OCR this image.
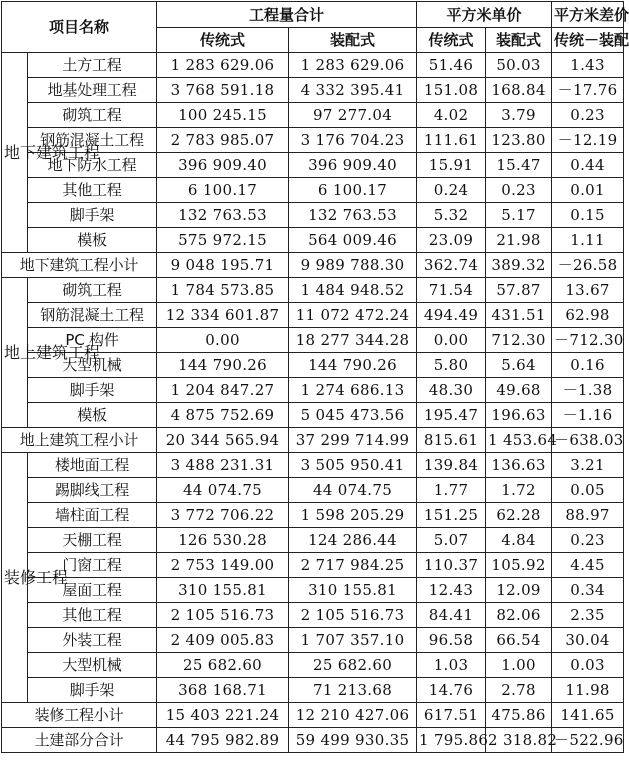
项目名称		工程量合计		平方米单价		平方米差价
		传统式	装配式	传统式	装配式	传统－装配
地下建筑工程	土方工程	1 283 629.06	1 283 629.06	51.46	50.03	1.43
	地基处理工程	3 768 591.18	4 332 395.41	151.08	168.84	－17.76
	砌筑工程	100 245.15	97 277.04	4.02	3.79	0.23
	钢筋混凝土工程	2 783 985.07	3 176 704.23	111.61	123.80	－12.19
	地下防水工程	396 909.40	396 909.40	15.91	15.47	0.44
	其他工程	6 100.17	6 100.17	0.24	0.23	0.01
	脚手架	132 763.53	132 763.53	5.32	5.17	0.15
	模板	575 972.15	564 009.46	23.09	21.98	1.11
地下建筑工程小计		9 048 195.71	9 989 788.30	362.74	389.32	－26.58
地上建筑工程	砌筑工程	1 784 573.85	1 484 948.52	71.54	57.87	13.67
	钢筋混凝土工程	12 334 601.87	11 072 472.24	494.49	431.51	62.98
	PC 构件	0.00	18 277 344.28	0.00	712.30	－712.30
	大型机械	144 790.26	144 790.26	5.80	5.64	0.16
	脚手架	1 204 847.27	1 274 686.13	48.30	49.68	－1.38
	模板	4 875 752.69	5 045 473.56	195.47	196.63	－1.16
地上建筑工程小计		20 344 565.94	37 299 714.99	815.61	1 453.64	－638.03
装修工程	楼地面工程	3 488 231.31	3 505 950.41	139.84	136.63	3.21
	踢脚线工程	44 074.75	44 074.75	1.77	1.72	0.05
	墙柱面工程	3 772 706.22	1 598 205.29	151.25	62.28	88.97
	天棚工程	126 530.28	124 286.44	5.07	4.84	0.23
	门窗工程	2 753 149.00	2 717 984.25	110.37	105.92	4.45
	屋面工程	310 155.81	310 155.81	12.43	12.09	0.34
	其他工程	2 105 516.73	2 105 516.73	84.41	82.06	2.35
	外装工程	2 409 005.83	1 707 357.10	96.58	66.54	30.04
	大型机械	25 682.60	25 682.60	1.03	1.00	0.03
	脚手架	368 168.71	71 213.68	14.76	2.78	11.98
装修工程小计		15 403 221.24	12 210 427.06	617.51	475.86	141.65
土建部分合计		44 795 982.89	59 499 930.35	1 795.86	2 318.82	－522.96
